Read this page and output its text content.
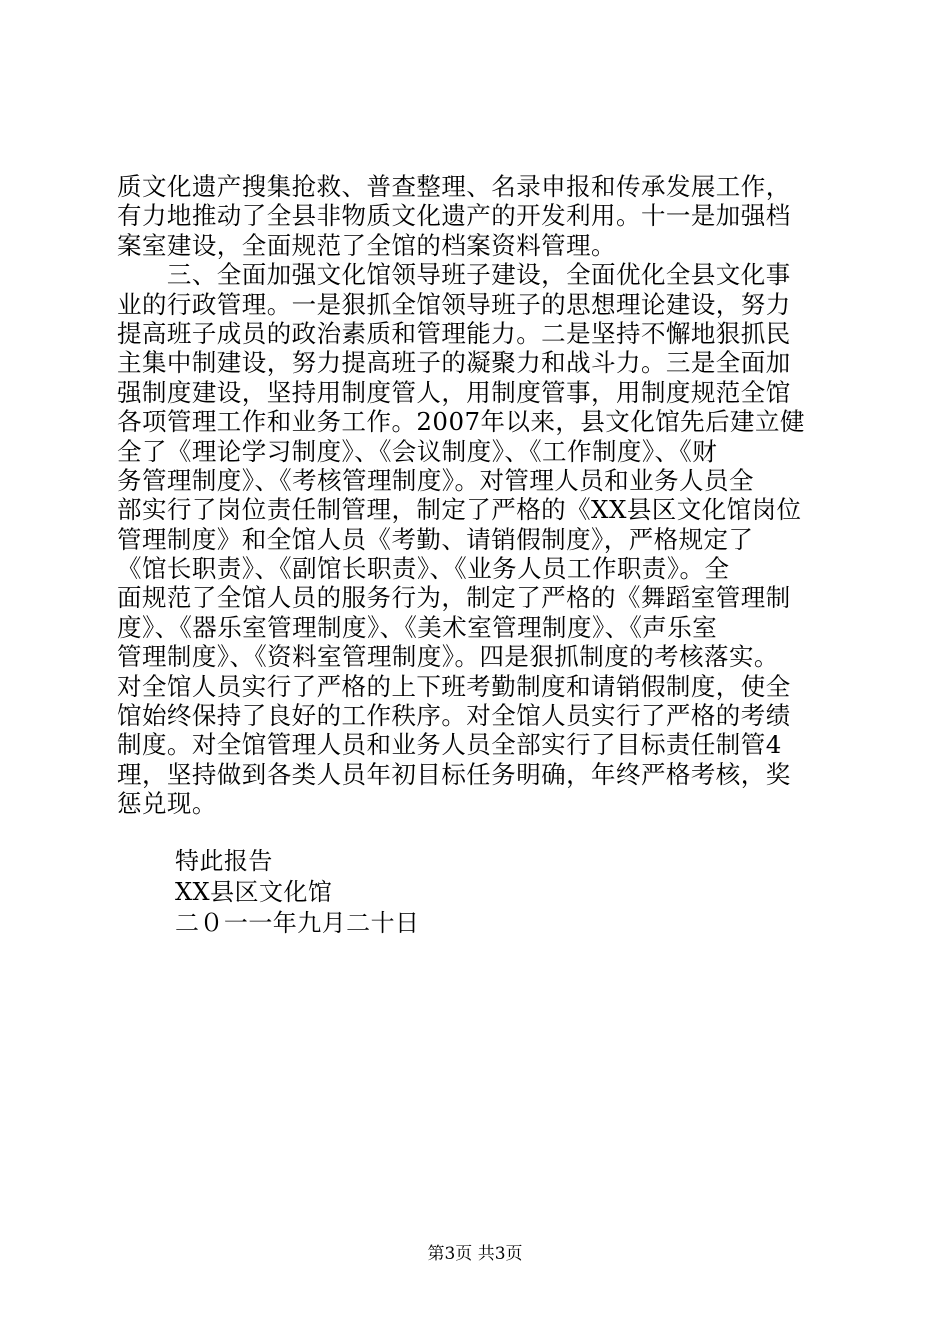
质文化遗产搜集抢救、普查整理、名录申报和传承发展工作，
有力地推动了全县非物质文化遗产的开发利用。十一是加强档
案室建设，全面规范了全馆的档案资料管理。
　　三、全面加强文化馆领导班子建设，全面优化全县文化事
业的行政管理。一是狠抓全馆领导班子的思想理论建设，努力
提高班子成员的政治素质和管理能力。二是坚持不懈地狠抓民
主集中制建设，努力提高班子的凝聚力和战斗力。三是全面加
强制度建设，坚持用制度管人，用制度管事，用制度规范全馆
各项管理工作和业务工作。2007年以来，县文化馆先后建立健
全了《理论学习制度》、《会议制度》、《工作制度》、《财
务管理制度》、《考核管理制度》。对管理人员和业务人员全
部实行了岗位责任制管理，制定了严格的《XX县区文化馆岗位
管理制度》和全馆人员《考勤、请销假制度》，严格规定了
《馆长职责》、《副馆长职责》、《业务人员工作职责》。全
面规范了全馆人员的服务行为，制定了严格的《舞蹈室管理制
度》、《器乐室管理制度》、《美术室管理制度》、《声乐室
管理制度》、《资料室管理制度》。四是狠抓制度的考核落实。
对全馆人员实行了严格的上下班考勤制度和请销假制度，使全
馆始终保持了良好的工作秩序。对全馆人员实行了严格的考绩
制度。对全馆管理人员和业务人员全部实行了目标责任制管4
理，坚持做到各类人员年初目标任务明确，年终严格考核，奖
惩兑现。
特此报告
XX县区文化馆
二０一一年九月二十日
第3页 共3页
